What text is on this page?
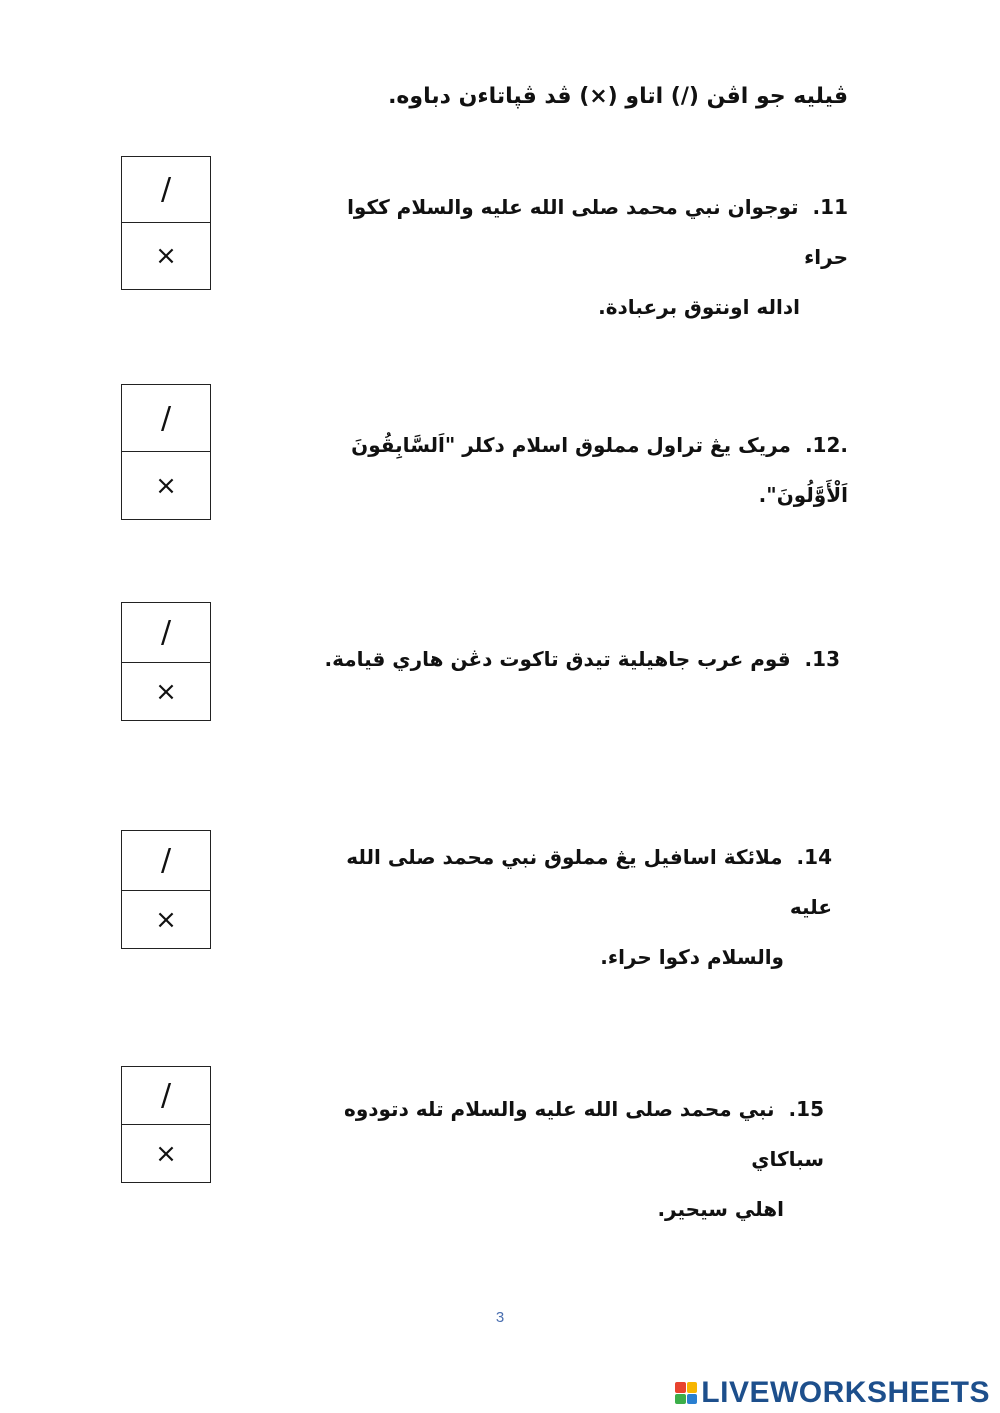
ڤيليه جو اڤن (/) اتاو (×) ڤد ڤپاتاءن دباوه.
11.توجوان نبي محمد صلى الله عليه والسلام ككوا حراء
اداله اونتوق برعبادة.
/
×
.12.مريک يڠ تراول مملوق اسلام دکلر "اَلسَّابِقُونَ اَلْأَوَّلُونَ".
/
×
13.قوم عرب جاهيلية تيدق تاکوت دڠن هاري قيامة.
/
×
14.ملائكة اسافيل يڠ مملوق نبي محمد صلى الله عليه
والسلام دکوا حراء.
/
×
15.نبي محمد صلى الله عليه والسلام تله دتودوه سباکاي
اهلي سيحير.
/
×
3
LIVEWORKSHEETS
